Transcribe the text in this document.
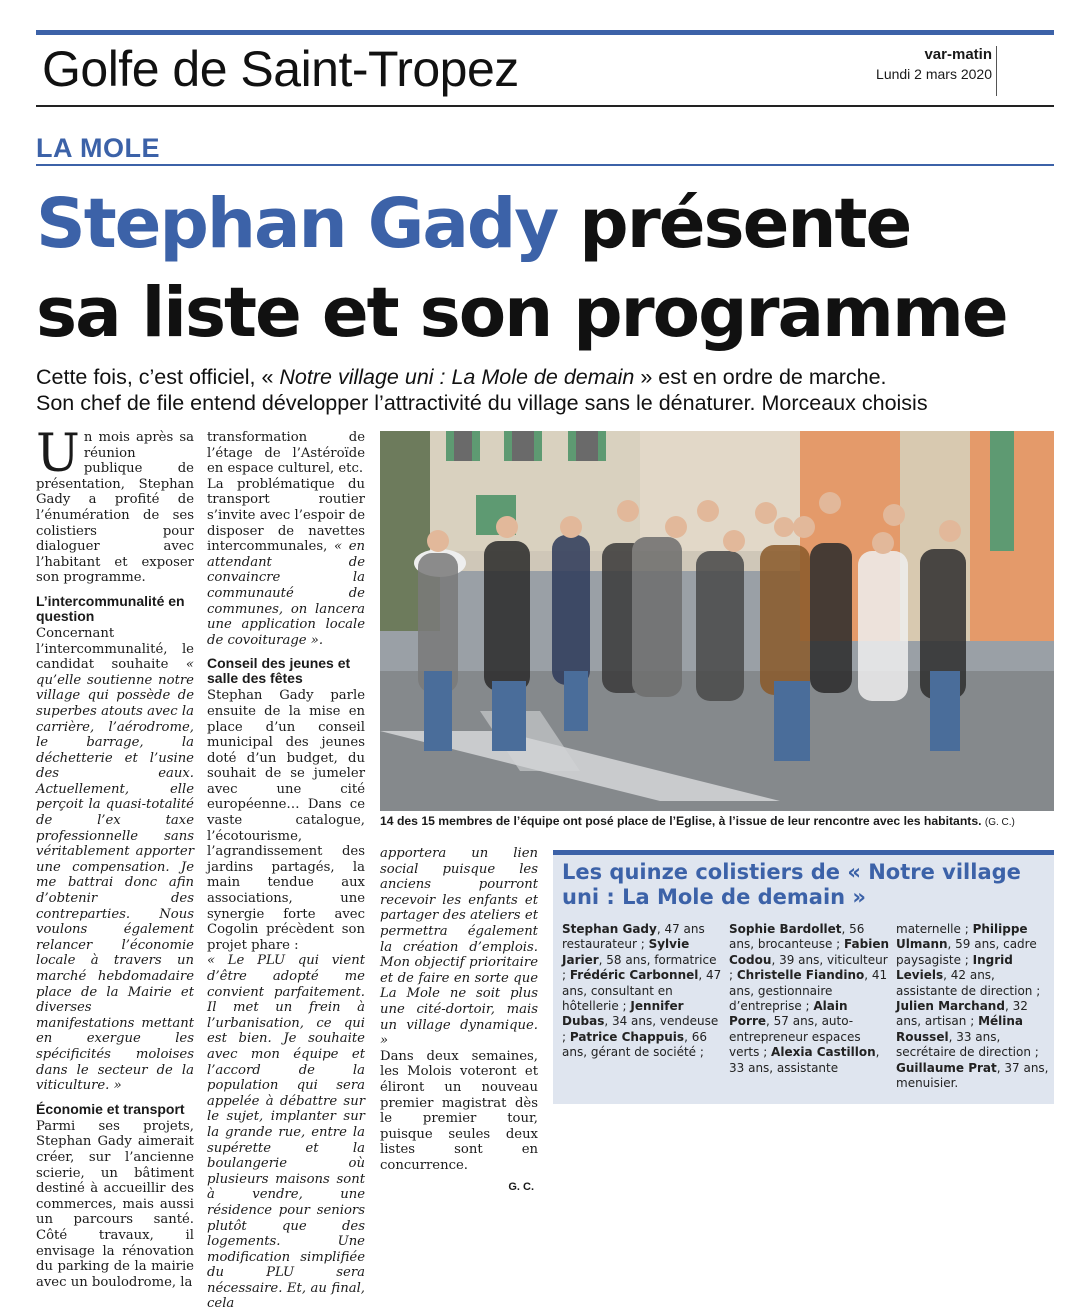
Golfe de Saint-Tropez	var-matin
Lundi 2 mars 2020
LA MOLE
Stephan Gady présente
sa liste et son programme
Cette fois, c’est officiel, « Notre village uni : La Mole de demain » est en ordre de marche.
Son chef de file entend développer l’attractivité du village sans le dénaturer. Morceaux choisis

Un mois après sa réunion publique de présentation, Stephan Gady a profité de l’énumération de ses colistiers pour dialoguer avec l’habitant et exposer son programme.

L’intercommunalité en question

Concernant l’intercommunalité, le candidat souhaite « qu’elle soutienne notre village qui possède de superbes atouts avec la carrière, l’aérodrome, le barrage, la déchetterie et l’usine des eaux. Actuellement, elle perçoit la quasi-totalité de l’ex taxe professionnelle sans véritablement apporter une compensation. Je me battrai donc afin d’obtenir des contreparties. Nous voulons également relancer l’économie locale à travers un marché hebdomadaire place de la Mairie et diverses manifestations mettant en exergue les spécificités moloises dans le secteur de la viticulture. »

Économie et transport

Parmi ses projets, Stephan Gady aimerait créer, sur l’ancienne scierie, un bâtiment destiné à accueillir des commerces, mais aussi un parcours santé. Côté travaux, il envisage la rénovation du parking de la mairie avec un boulodrome, la

transformation de l’étage de l’Astéroïde en espace culturel, etc.

La problématique du transport routier s’invite avec l’espoir de disposer de navettes intercommunales, « en attendant de convaincre la communauté de communes, on lancera une application locale de covoiturage ».

Conseil des jeunes et salle des fêtes

Stephan Gady parle ensuite de la mise en place d’un conseil municipal des jeunes doté d’un budget, du souhait de se jumeler avec une cité européenne… Dans ce vaste catalogue, l’écotourisme, l’agrandissement des jardins partagés, la main tendue aux associations, une synergie forte avec Cogolin précèdent son projet phare :

« Le PLU qui vient d’être adopté me convient parfaitement. Il met un frein à l’urbanisation, ce qui est bien. Je souhaite avec mon équipe et l’accord de la population qui sera appelée à débattre sur le sujet, implanter sur la grande rue, entre la supérette et la boulangerie où plusieurs maisons sont à vendre, une résidence pour seniors plutôt que des logements. Une modification simplifiée du PLU sera nécessaire. Et, au final, cela

14 des 15 membres de l’équipe ont posé place de l’Eglise, à l’issue de leur rencontre avec les habitants. (G. C.)

apportera un lien social puisque les anciens pourront recevoir les enfants et partager des ateliers et permettra également la création d’emplois. Mon objectif prioritaire et de faire en sorte que La Mole ne soit plus une cité-dortoir, mais un village dynamique. »

Dans deux semaines, les Molois voteront et éliront un nouveau premier magistrat dès le premier tour, puisque seules deux listes sont en concurrence.

G. C.

Les quinze colistiers de « Notre village uni : La Mole de demain »
Stephan Gady, 47 ans restaurateur ; Sylvie Jarier, 58 ans, formatrice ; Frédéric Carbonnel, 47 ans, consultant en hôtellerie ; Jennifer Dubas, 34 ans, vendeuse ; Patrice Chappuis, 66 ans, gérant de société ;
Sophie Bardollet, 56 ans, brocanteuse ; Fabien Codou, 39 ans, viticulteur ; Christelle Fiandino, 41 ans, gestionnaire d’entreprise ; Alain Porre, 57 ans, auto-entrepreneur espaces verts ; Alexia Castillon, 33 ans, assistante
maternelle ; Philippe Ulmann, 59 ans, cadre paysagiste ; Ingrid Leviels, 42 ans, assistante de direction ; Julien Marchand, 32 ans, artisan ; Mélina Roussel, 33 ans, secrétaire de direction ; Guillaume Prat, 37 ans, menuisier.
